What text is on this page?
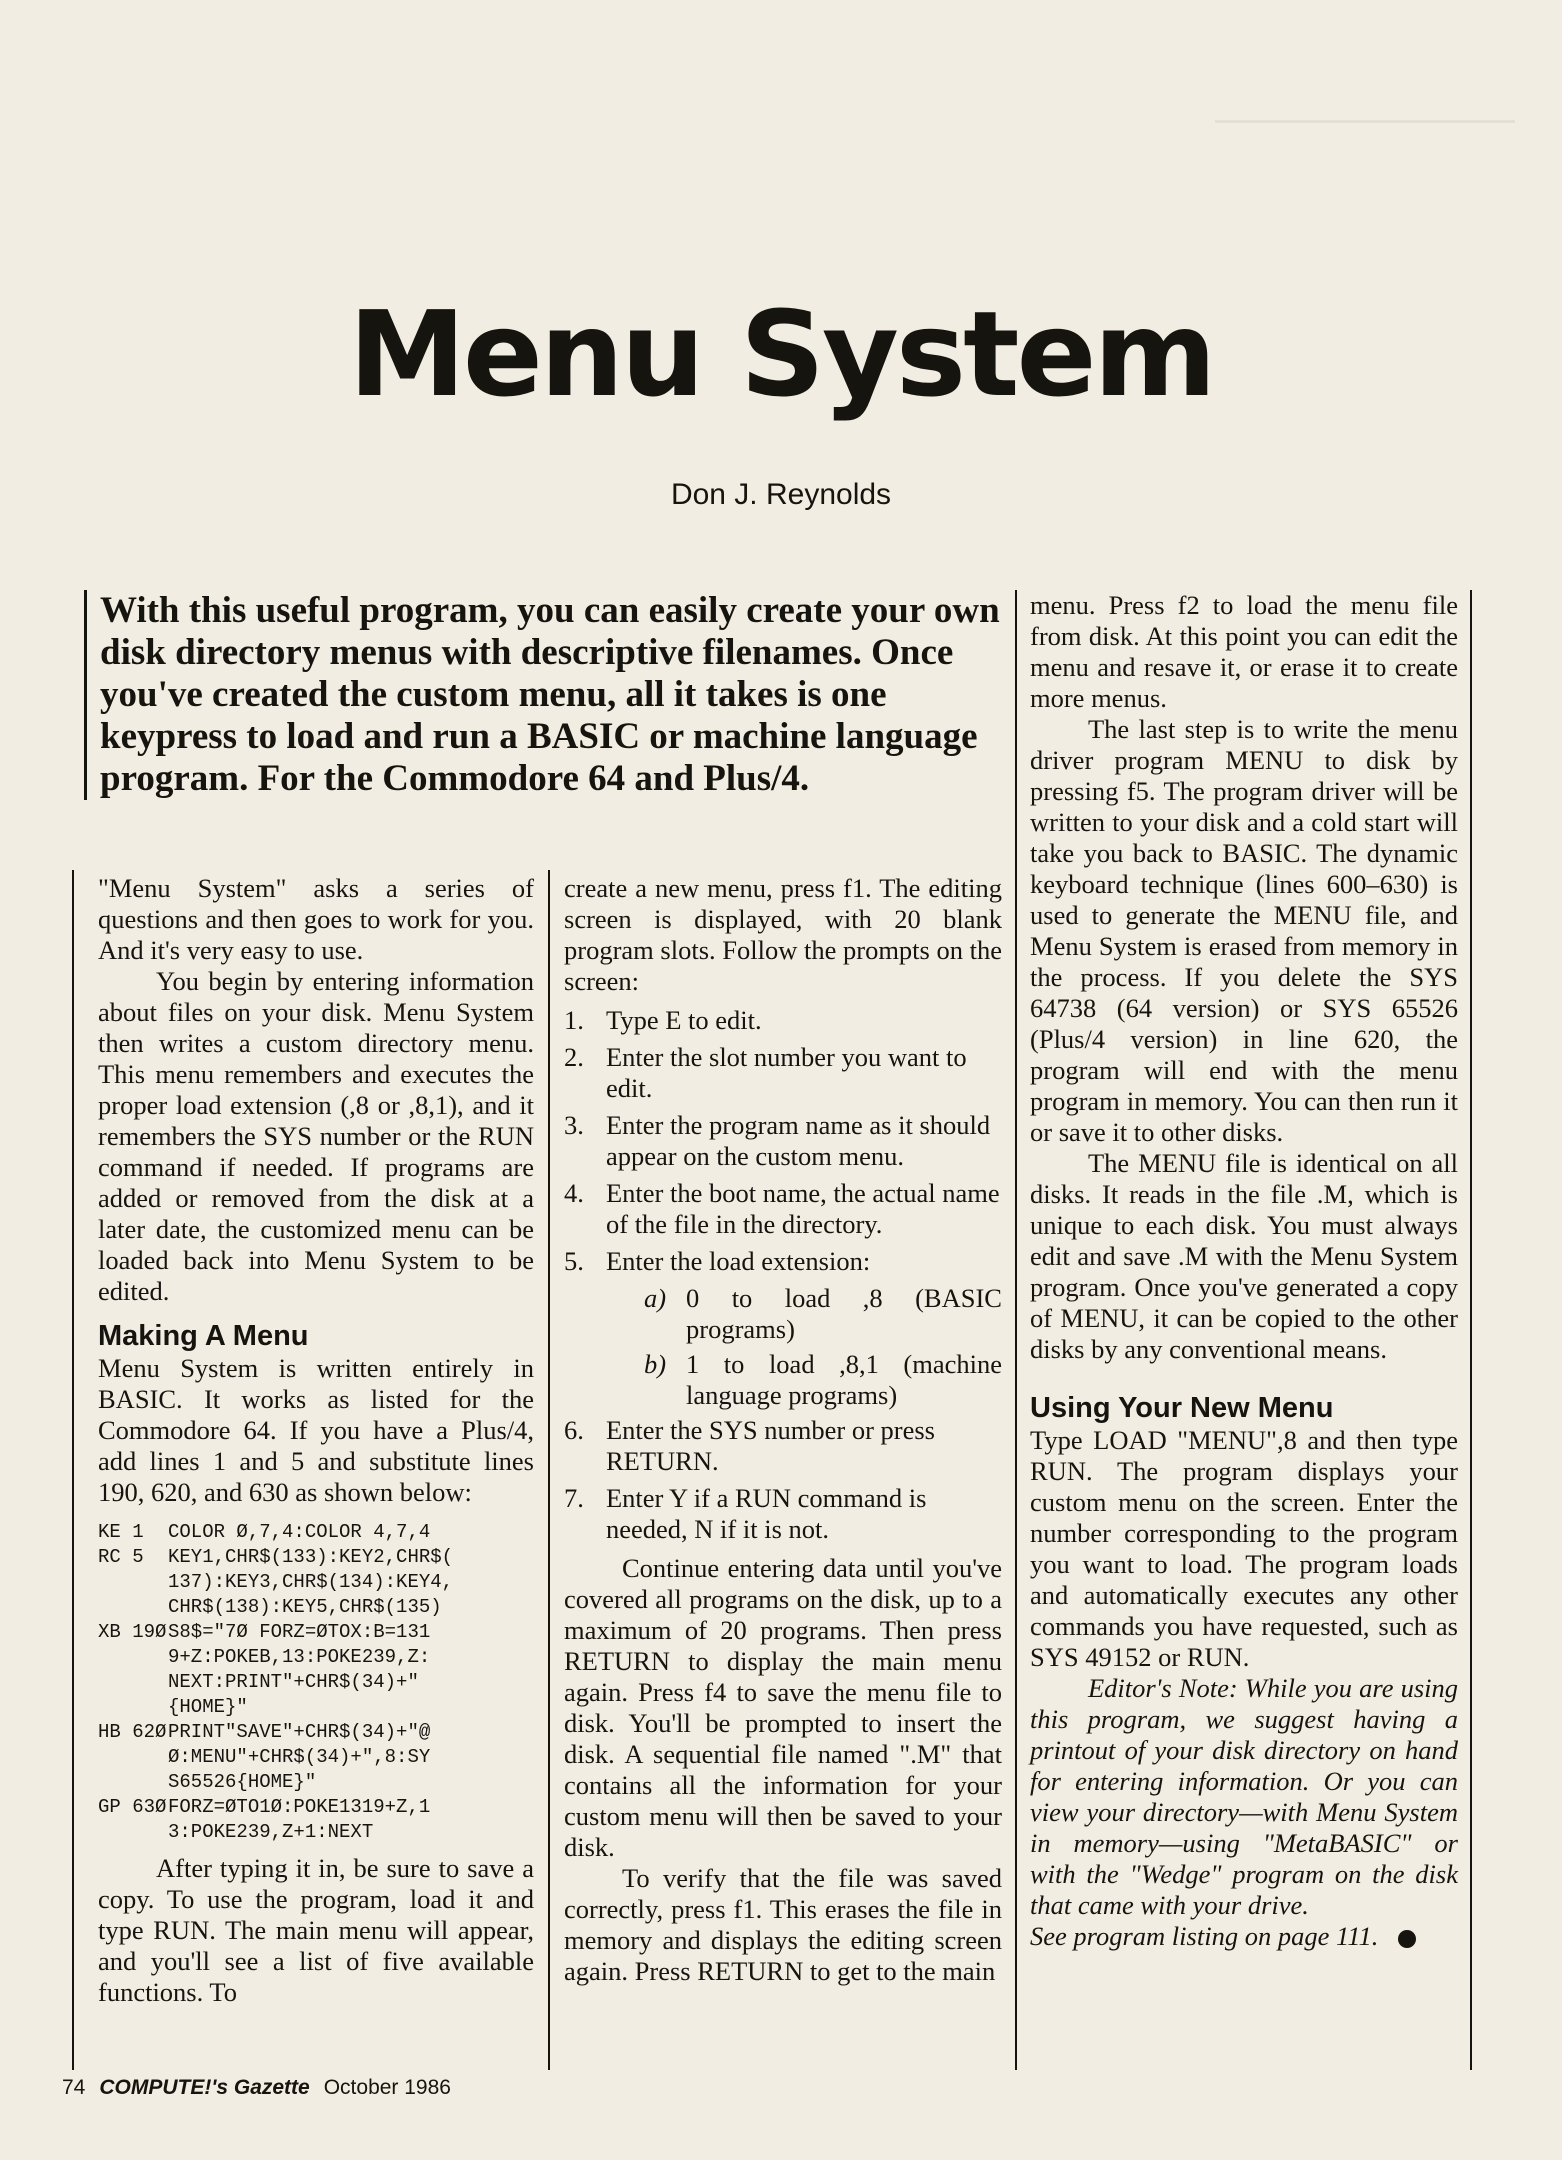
Menu System
Don J. Reynolds
With this useful program, you can easily create your own disk directory menus with descriptive filenames. Once you've created the custom menu, all it takes is one keypress to load and run a BASIC or machine language program. For the Commodore 64 and Plus/4.

"Menu System" asks a series of questions and then goes to work for you. And it's very easy to use.

You begin by entering information about files on your disk. Menu System then writes a custom directory menu. This menu remembers and executes the proper load extension (,8 or ,8,1), and it remembers the SYS number or the RUN command if needed. If programs are added or removed from the disk at a later date, the customized menu can be loaded back into Menu System to be edited.

Making A Menu

Menu System is written entirely in BASIC. It works as listed for the Commodore 64. If you have a Plus/4, add lines 1 and 5 and substitute lines 190, 620, and 630 as shown below:

KE 1	COLOR Ø,7,4:COLOR 4,7,4
RC 5	KEY1,CHR$(133):KEY2,CHR$(
137):KEY3,CHR$(134):KEY4,
CHR$(138):KEY5,CHR$(135)
XB 19Ø S8$="7Ø FORZ=ØTOX:B=131
9+Z:POKEB,13:POKE239,Z:
NEXT:PRINT"+CHR$(34)+"
{HOME}"
HB 62Ø PRINT"SAVE"+CHR$(34)+"@
Ø:MENU"+CHR$(34)+",8:SY
S65526{HOME}"
GP 63Ø FORZ=ØTO1Ø:POKE1319+Z,1
3:POKE239,Z+1:NEXT

After typing it in, be sure to save a copy. To use the program, load it and type RUN. The main menu will appear, and you'll see a list of five available functions. To

create a new menu, press f1. The editing screen is displayed, with 20 blank program slots. Follow the prompts on the screen:

1. Type E to edit.
2. Enter the slot number you want to edit.
3. Enter the program name as it should appear on the custom menu.
4. Enter the boot name, the actual name of the file in the directory.
5. Enter the load extension:
a) 0 to load ,8 (BASIC programs)
b) 1 to load ,8,1 (machine language programs)
6. Enter the SYS number or press RETURN.
7. Enter Y if a RUN command is needed, N if it is not.

Continue entering data until you've covered all programs on the disk, up to a maximum of 20 programs. Then press RETURN to display the main menu again. Press f4 to save the menu file to disk. You'll be prompted to insert the disk. A sequential file named ".M" that contains all the information for your custom menu will then be saved to your disk.

To verify that the file was saved correctly, press f1. This erases the file in memory and displays the editing screen again. Press RETURN to get to the main

menu. Press f2 to load the menu file from disk. At this point you can edit the menu and resave it, or erase it to create more menus.

The last step is to write the menu driver program MENU to disk by pressing f5. The program driver will be written to your disk and a cold start will take you back to BASIC. The dynamic keyboard technique (lines 600–630) is used to generate the MENU file, and Menu System is erased from memory in the process. If you delete the SYS 64738 (64 version) or SYS 65526 (Plus/4 version) in line 620, the program will end with the menu program in memory. You can then run it or save it to other disks.

The MENU file is identical on all disks. It reads in the file .M, which is unique to each disk. You must always edit and save .M with the Menu System program. Once you've generated a copy of MENU, it can be copied to the other disks by any conventional means.

Using Your New Menu

Type LOAD "MENU",8 and then type RUN. The program displays your custom menu on the screen. Enter the number corresponding to the program you want to load. The program loads and automatically executes any other commands you have requested, such as SYS 49152 or RUN.

Editor's Note: While you are using this program, we suggest having a printout of your disk directory on hand for entering information. Or you can view your directory—with Menu System in memory—using "MetaBASIC" or with the "Wedge" program on the disk that came with your drive.

See program listing on page 111.

74 COMPUTE!'s Gazette October 1986
